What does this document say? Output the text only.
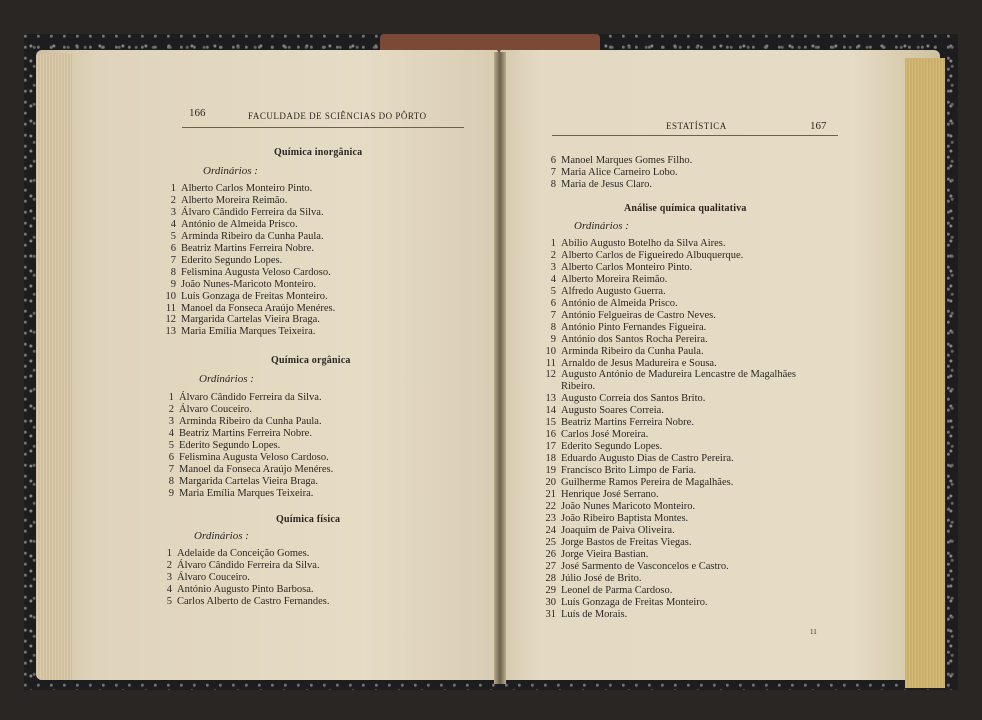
166	FACULDADE DE SCIÊNCIAS DO PÔRTO
Química inorgânica
Ordinários :
1 Alberto Carlos Monteiro Pinto.
2 Alberto Moreira Reimão.
3 Álvaro Cândido Ferreira da Silva.
4 António de Almeida Prisco.
5 Arminda Ribeiro da Cunha Paula.
6 Beatriz Martins Ferreira Nobre.
7 Ederito Segundo Lopes.
8 Felismina Augusta Veloso Cardoso.
9 João Nunes-Maricoto Monteiro.
10 Luís Gonzaga de Freitas Monteiro.
11 Manoel da Fonseca Araújo Menéres.
12 Margarida Cartelas Vieira Braga.
13 Maria Emília Marques Teixeira.
Química orgânica
Ordinários :
1 Álvaro Cândido Ferreira da Silva.
2 Álvaro Couceiro.
3 Arminda Ribeiro da Cunha Paula.
4 Beatriz Martins Ferreira Nobre.
5 Ederito Segundo Lopes.
6 Felismina Augusta Veloso Cardoso.
7 Manoel da Fonseca Araújo Menéres.
8 Margarida Cartelas Vieira Braga.
9 Maria Emília Marques Teixeira.
Química física
Ordinários :
1 Adelaide da Conceição Gomes.
2 Álvaro Cândido Ferreira da Silva.
3 Álvaro Couceiro.
4 António Augusto Pinto Barbosa.
5 Carlos Alberto de Castro Fernandes.
ESTATÍSTICA	167
6 Manoel Marques Gomes Filho.
7 Maria Alice Carneiro Lobo.
8 Maria de Jesus Claro.
Análise química qualitativa
Ordinários :
1 Abílio Augusto Botelho da Silva Aires.
2 Alberto Carlos de Figueiredo Albuquerque.
3 Alberto Carlos Monteiro Pinto.
4 Alberto Moreira Reimão.
5 Alfredo Augusto Guerra.
6 António de Almeida Prisco.
7 António Felgueiras de Castro Neves.
8 António Pinto Fernandes Figueira.
9 António dos Santos Rocha Pereira.
10 Arminda Ribeiro da Cunha Paula.
11 Arnaldo de Jesus Madureira e Sousa.
12 Augusto António de Madureira Lencastre de Magalhães
Ribeiro.
13 Augusto Correia dos Santos Brito.
14 Augusto Soares Correia.
15 Beatriz Martins Ferreira Nobre.
16 Carlos José Moreira.
17 Ederito Segundo Lopes.
18 Eduardo Augusto Dias de Castro Pereira.
19 Francisco Brito Limpo de Faria.
20 Guilherme Ramos Pereira de Magalhães.
21 Henrique José Serrano.
22 João Nunes Maricoto Monteiro.
23 João Ribeiro Baptista Montes.
24 Joaquim de Paiva Oliveira.
25 Jorge Bastos de Freitas Viegas.
26 Jorge Vieira Bastian.
27 José Sarmento de Vasconcelos e Castro.
28 Júlio José de Brito.
29 Leonel de Parma Cardoso.
30 Luís Gonzaga de Freitas Monteiro.
31 Luís de Morais.
11
